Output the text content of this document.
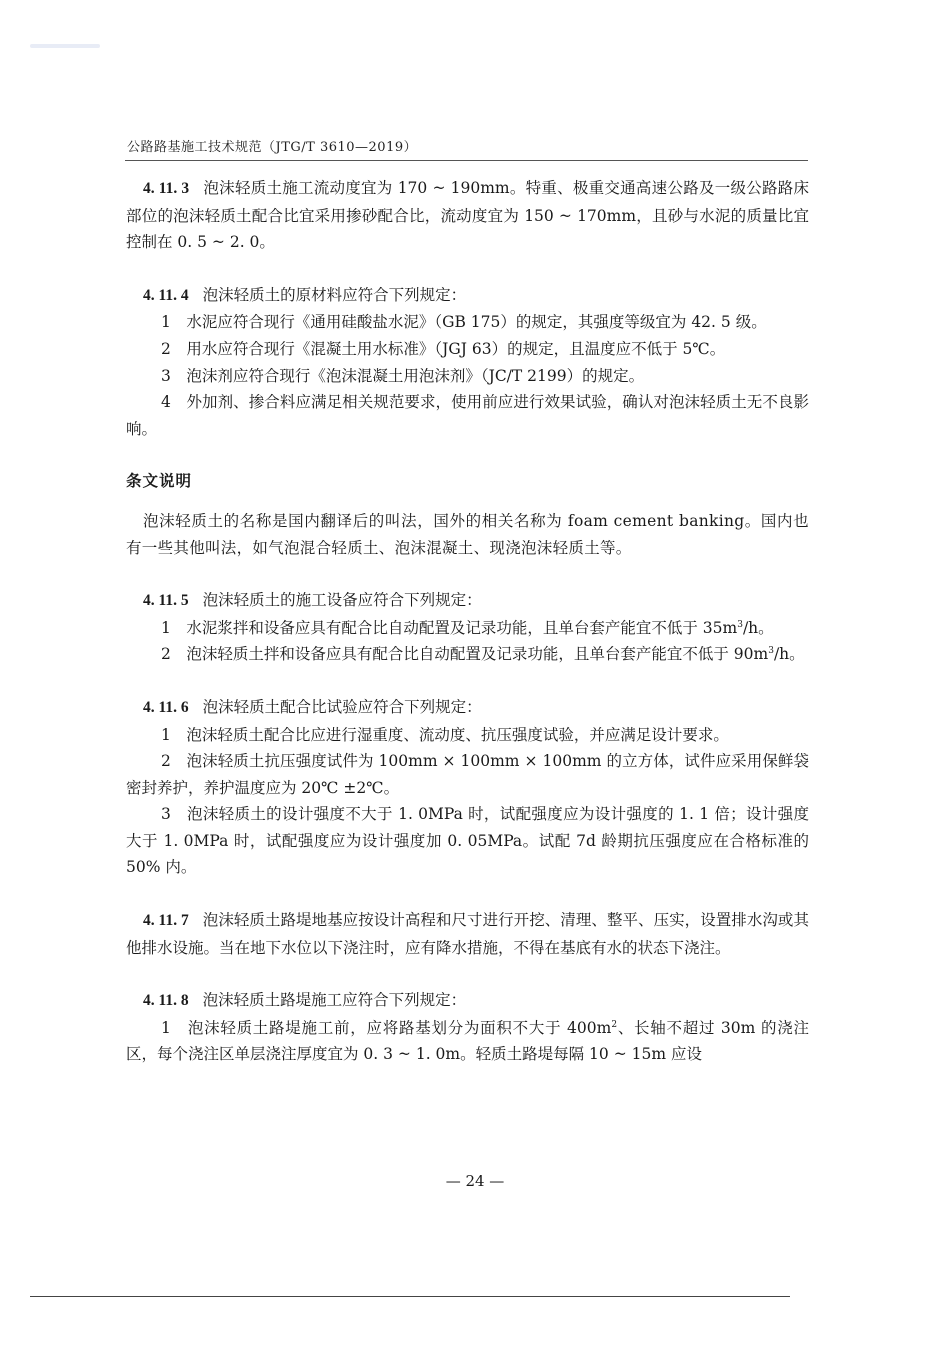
公路路基施工技术规范（JTG/T 3610—2019）

4. 11. 3 泡沫轻质土施工流动度宜为 170 ~ 190mm。特重、极重交通高速公路及一级公路路床部位的泡沫轻质土配合比宜采用掺砂配合比，流动度宜为 150 ~ 170mm，且砂与水泥的质量比宜控制在 0. 5 ~ 2. 0。

4. 11. 4 泡沫轻质土的原材料应符合下列规定：

1　水泥应符合现行《通用硅酸盐水泥》（GB 175）的规定，其强度等级宜为 42. 5 级。

2　用水应符合现行《混凝土用水标准》（JGJ 63）的规定，且温度应不低于 5℃。

3　泡沫剂应符合现行《泡沫混凝土用泡沫剂》（JC/T 2199）的规定。

4　外加剂、掺合料应满足相关规范要求，使用前应进行效果试验，确认对泡沫轻质土无不良影响。

条文说明

泡沫轻质土的名称是国内翻译后的叫法，国外的相关名称为 foam cement banking。国内也有一些其他叫法，如气泡混合轻质土、泡沫混凝土、现浇泡沫轻质土等。

4. 11. 5 泡沫轻质土的施工设备应符合下列规定：

1　水泥浆拌和设备应具有配合比自动配置及记录功能，且单台套产能宜不低于 $35m^3/h$。

2　泡沫轻质土拌和设备应具有配合比自动配置及记录功能，且单台套产能宜不低于 $90m^3/h$。

4. 11. 6 泡沫轻质土配合比试验应符合下列规定：

1　泡沫轻质土配合比应进行湿重度、流动度、抗压强度试验，并应满足设计要求。

2　泡沫轻质土抗压强度试件为 100mm × 100mm × 100mm 的立方体，试件应采用保鲜袋密封养护，养护温度应为 20℃ ±2℃。

3　泡沫轻质土的设计强度不大于 1. 0MPa 时，试配强度应为设计强度的 1. 1 倍；设计强度大于 1. 0MPa 时，试配强度应为设计强度加 0. 05MPa。试配 7d 龄期抗压强度应在合格标准的 50% 内。

4. 11. 7 泡沫轻质土路堤地基应按设计高程和尺寸进行开挖、清理、整平、压实，设置排水沟或其他排水设施。当在地下水位以下浇注时，应有降水措施，不得在基底有水的状态下浇注。

4. 11. 8 泡沫轻质土路堤施工应符合下列规定：

1　泡沫轻质土路堤施工前，应将路基划分为面积不大于 $400m^2$、长轴不超过 30m 的浇注区，每个浇注区单层浇注厚度宜为 0. 3 ~ 1. 0m。轻质土路堤每隔 10 ~ 15m 应设

— 24 —
